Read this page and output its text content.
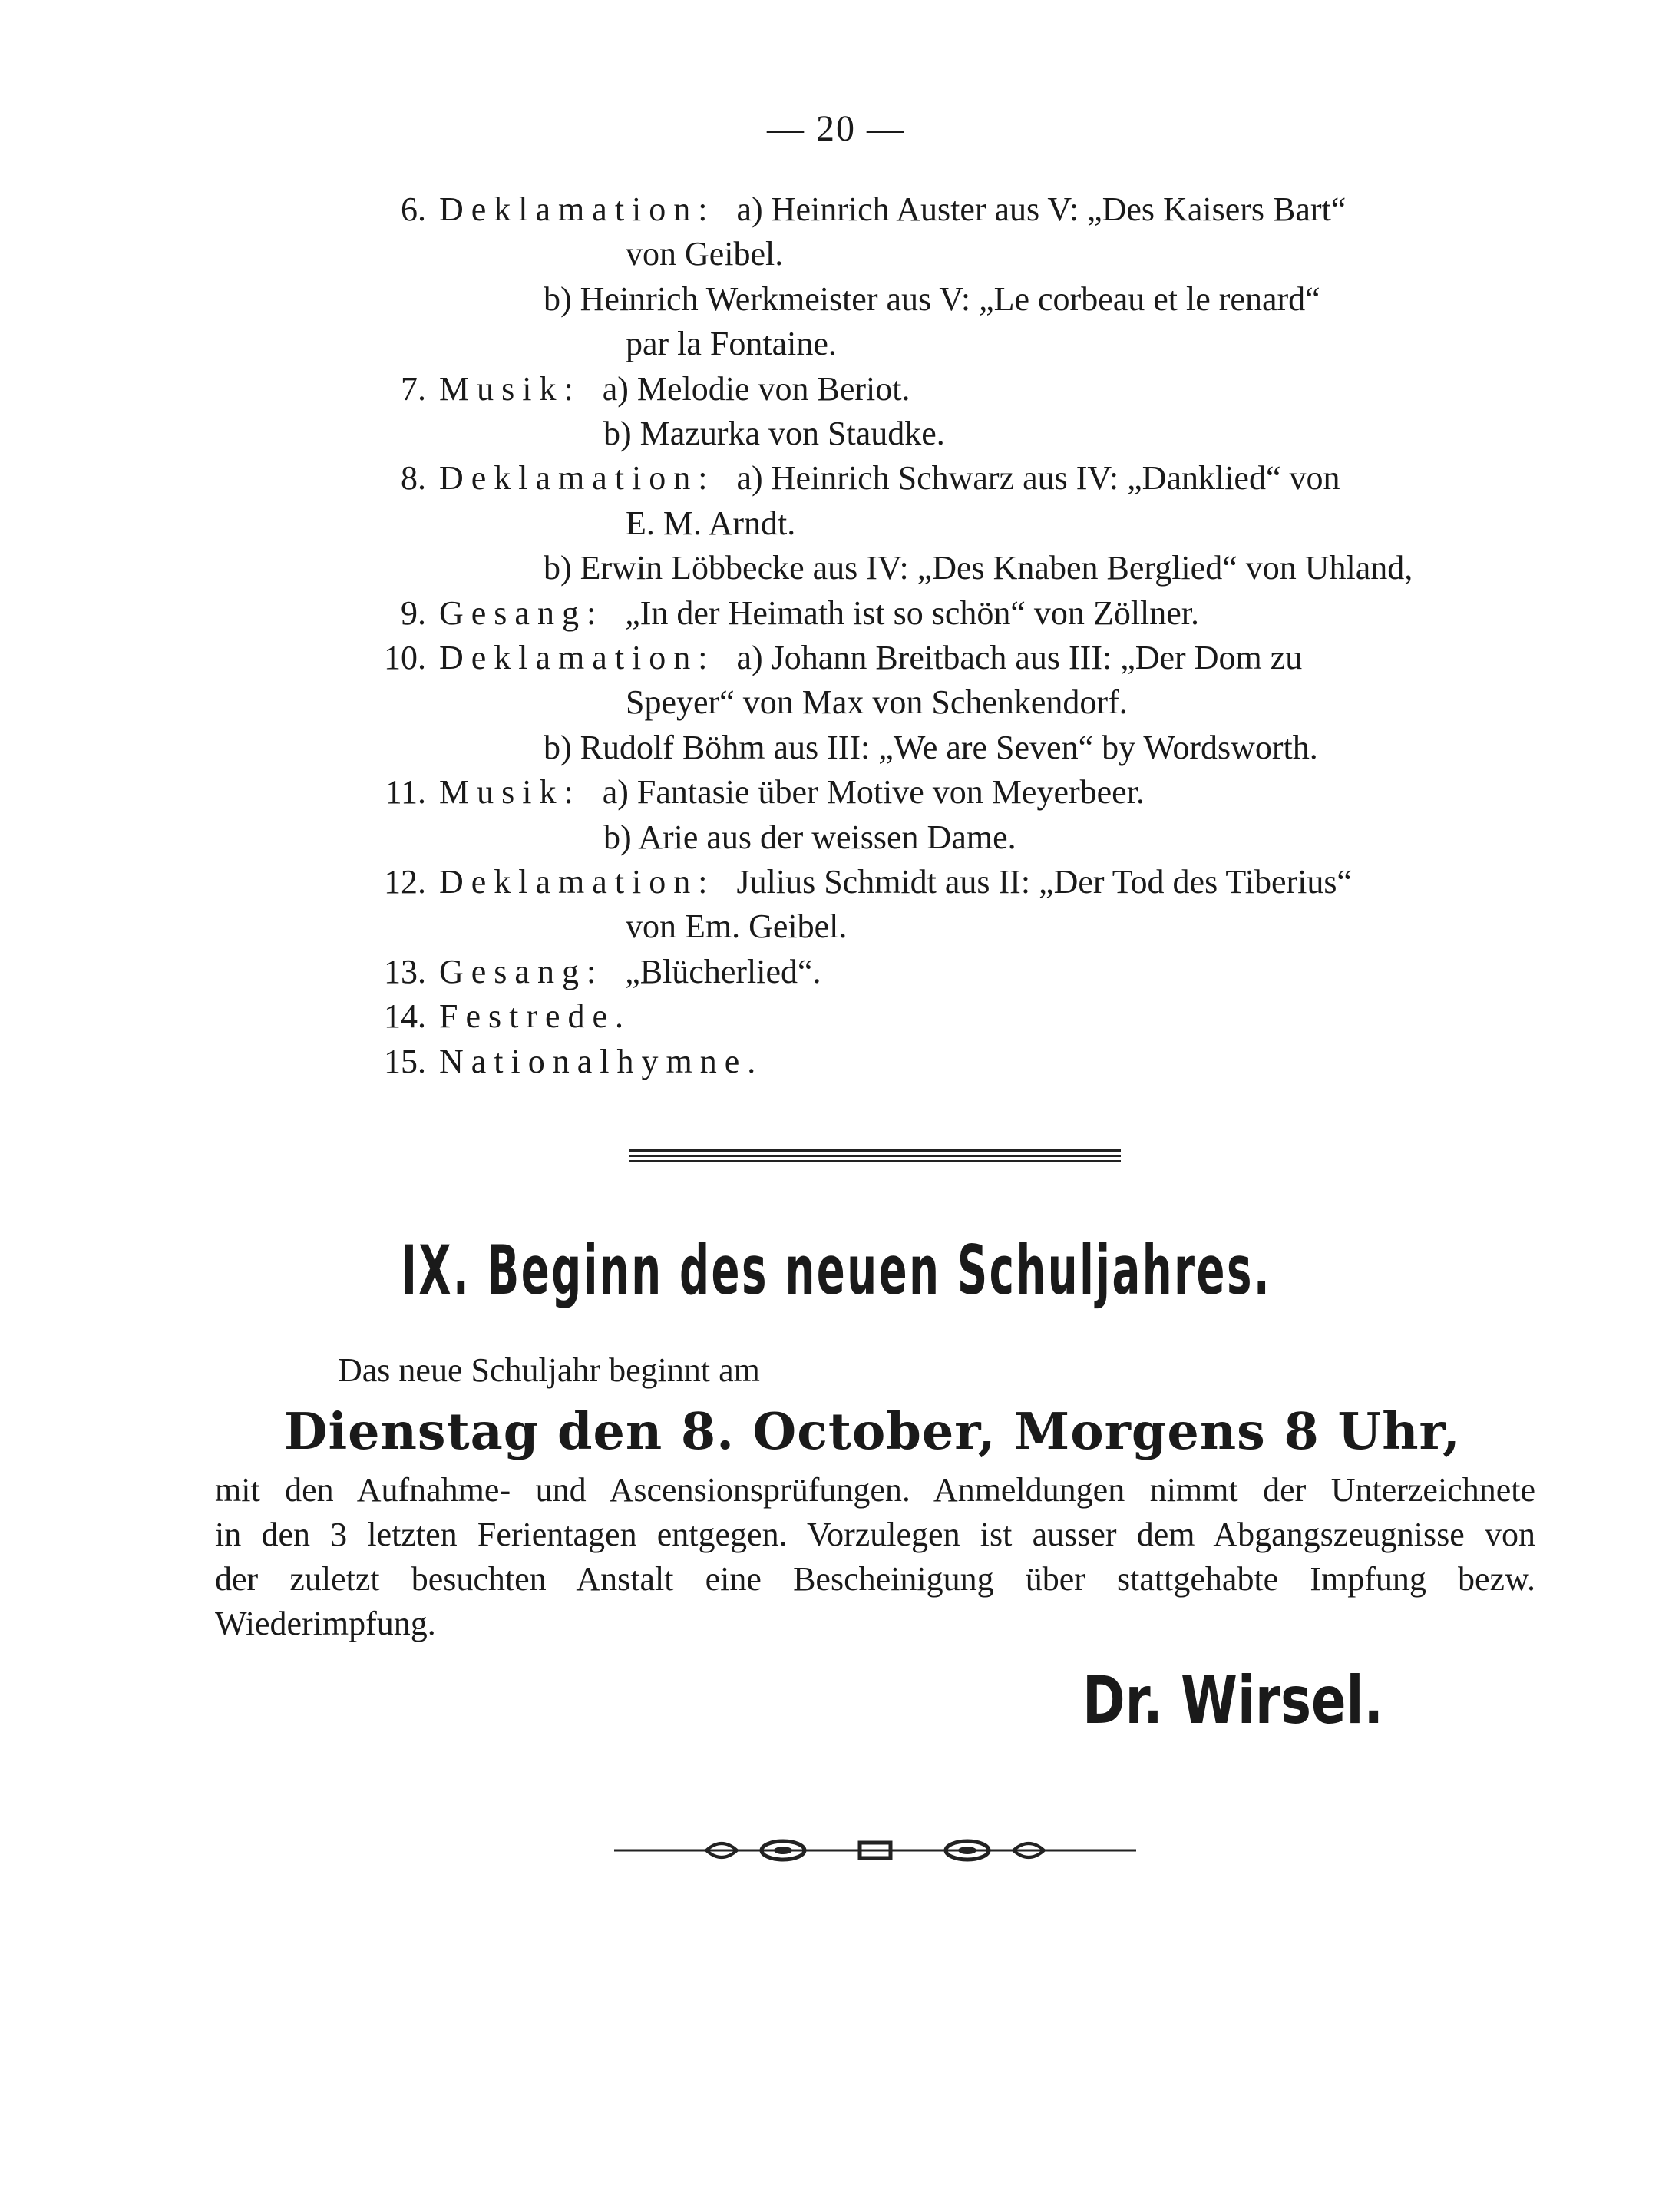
— 20 —
6. Deklamation: a) Heinrich Auster aus V: „Des Kaisers Bart“
von Geibel.
b) Heinrich Werkmeister aus V: „Le corbeau et le renard“
par la Fontaine.
7. Musik: a) Melodie von Beriot.
b) Mazurka von Staudke.
8. Deklamation: a) Heinrich Schwarz aus IV: „Danklied“ von
E. M. Arndt.
b) Erwin Löbbecke aus IV: „Des Knaben Berglied“ von Uhland,
9. Gesang: „In der Heimath ist so schön“ von Zöllner.
10. Deklamation: a) Johann Breitbach aus III: „Der Dom zu
Speyer“ von Max von Schenkendorf.
b) Rudolf Böhm aus III: „We are Seven“ by Wordsworth.
11. Musik: a) Fantasie über Motive von Meyerbeer.
b) Arie aus der weissen Dame.
12. Deklamation: Julius Schmidt aus II: „Der Tod des Tiberius“
von Em. Geibel.
13. Gesang: „Blücherlied“.
14. Festrede.
15. Nationalhymne.
IX. Beginn des neuen Schuljahres.
Das neue Schuljahr beginnt am
Dienstag den 8. October, Morgens 8 Uhr,
mit den Aufnahme- und Ascensionsprüfungen. Anmeldungen nimmt der Unterzeichnete
in den 3 letzten Ferientagen entgegen. Vorzulegen ist ausser dem Abgangszeugnisse von
der zuletzt besuchten Anstalt eine Bescheinigung über stattgehabte Impfung bezw.
Wiederimpfung.
Dr. Wirsel.
